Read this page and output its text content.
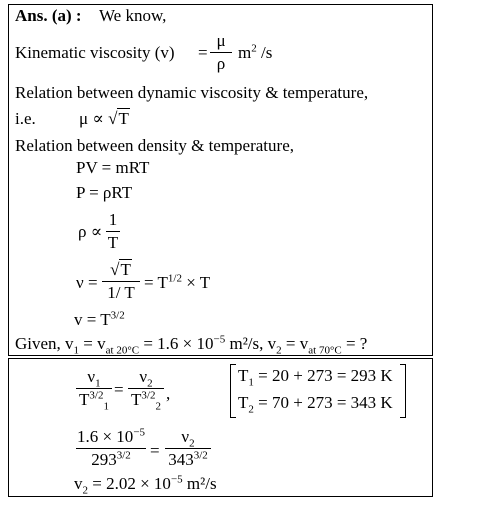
Ans. (a) : We know,
Kinematic viscosity (v) =
μ
ρ
$m^2$ /s
Relation between dynamic viscosity & temperature,
i.e.	μ ∝ √T
Relation between density & temperature,
PV = mRT
P = ρRT
ρ ∝
1
T
ν =
√T
1/ T
= $T^{1/2} \times T$
$v = T^{3/2}$
Given, $v_1 = v_{at 20^\circ C} = 1.6 \times 10^{-5}$ m²/s, $v_2 = v_{at 70^\circ C}$ = ?
$\nu_1$
$T^{3/2}_1$
=
$\nu_2$
$T^{3/2}_2$
,
$T_1 = 20 + 273 = 293$ K
$T_2 = 70 + 273 = 343$ K
$1.6 \times 10^{-5}$
$293^{3/2}$	=
$\nu_2$
$343^{3/2}$
$v_2 = 2.02 \times 10^{-5}$ m²/s
